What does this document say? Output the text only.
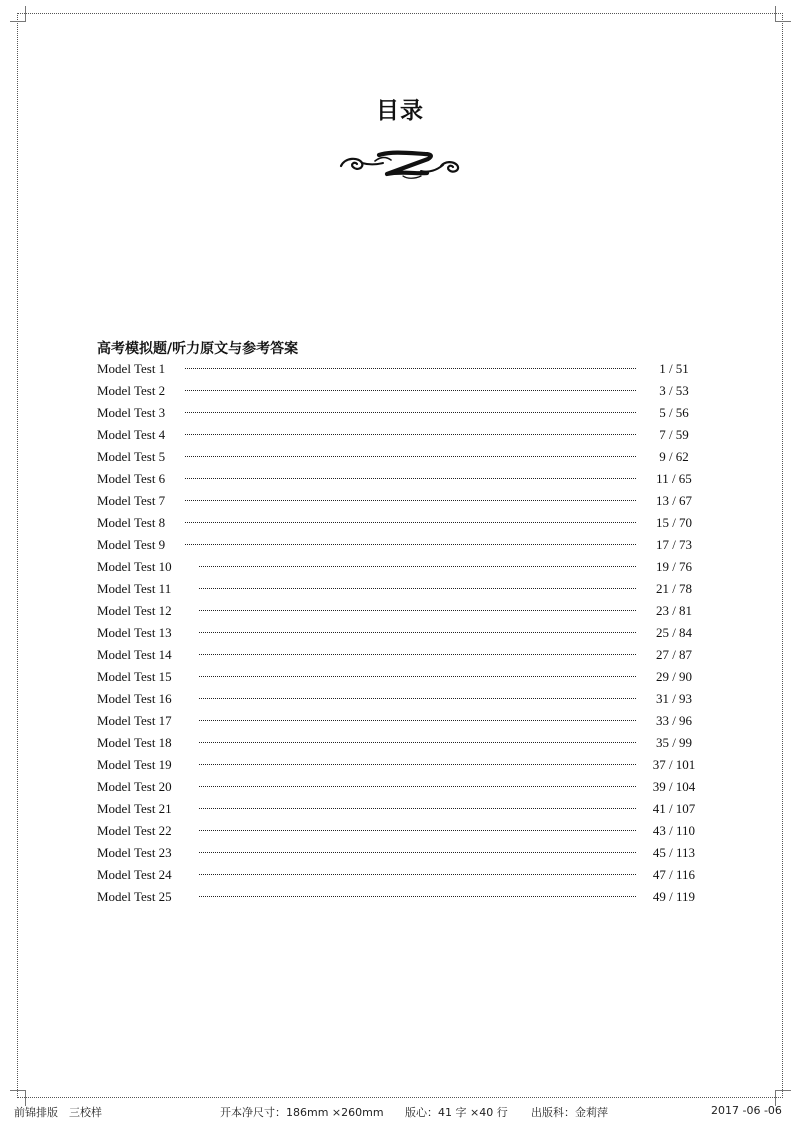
目录
高考模拟题/听力原文与参考答案
Model Test 1	1 / 51
Model Test 2	3 / 53
Model Test 3	5 / 56
Model Test 4	7 / 59
Model Test 5	9 / 62
Model Test 6	11 / 65
Model Test 7	13 / 67
Model Test 8	15 / 70
Model Test 9	17 / 73
Model Test 10	19 / 76
Model Test 11	21 / 78
Model Test 12	23 / 81
Model Test 13	25 / 84
Model Test 14	27 / 87
Model Test 15	29 / 90
Model Test 16	31 / 93
Model Test 17	33 / 96
Model Test 18	35 / 99
Model Test 19	37 / 101
Model Test 20	39 / 104
Model Test 21	41 / 107
Model Test 22	43 / 110
Model Test 23	45 / 113
Model Test 24	47 / 116
Model Test 25	49 / 119
前锦排版　三校样	开本净尺寸：186mm ×260mm 版心：41 字 ×40 行 出版科：金莉萍	2017 -06 -06
